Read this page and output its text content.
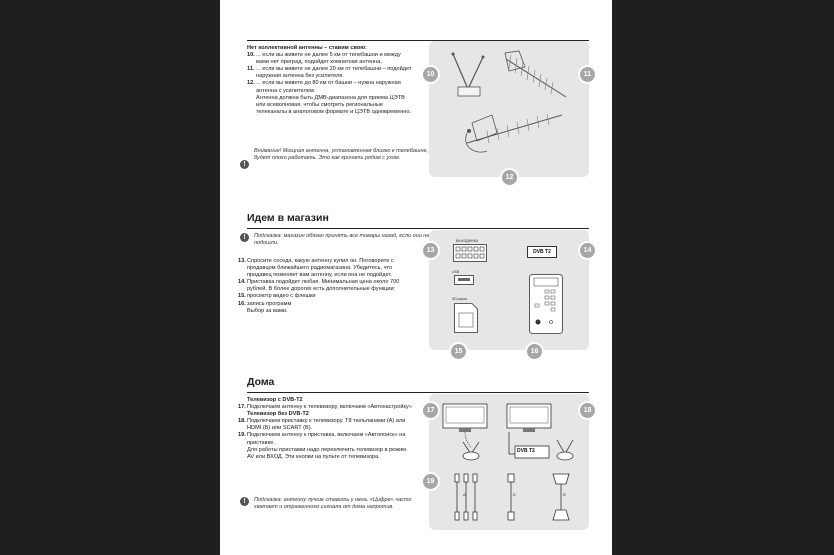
Нет коллективной антенны – ставим свою:
10. ... если вы живете не далее 5 км от телебашни и между вами нет преград, подойдет комнатная антенна.
11. ... если вы живете не далее 20 км от телебашни – подойдет наружная антенна без усилителя.
12. ... если вы живете до 80 км от башни – нужна наружная антенна с усилителем.
Антенна должна быть ДМВ-диапазона для приема ЦЭТВ или всеволновая, чтобы смотреть региональные телеканалы в аналоговом формате и ЦЭТВ одновременно.
!
Внимание! Мощная антенна, установленная близко к телебашне, будет плохо работать. Это как кричать рядом с ухом.
10	11
12
Идем в магазин
!	Подсказка: магазин обязан принять все товары назад, если они не подошли.
13. Спросите соседа, какую антенну купил он. Поговорите с продавцом ближайшего радиомагазина. Убедитесь, что продавец поменяет вам антенну, если она не подойдет.
14. Приставка подойдет любая. Минимальная цена около 700 рублей. В более дорогих есть дополнительные функции:
15. просмотр видео с флешки
16. запись программ
Выбор за вами.
ВЫХОДНИКА
DVB T2
USB
SD-карта
13	14
15	16
Дома
Телевизор с DVB-T2
17. Подключаем антенну к телевизору, включаем «Автонастройку»
Телевизор без DVB-T2
18. Подключаем приставку к телевизору. Т8 тюльпанами (A) или HDMI (Б) или SCART (В).
19. Подключаем антенну к приставка, включаем «Автопоиск» на приставке.
Для работы приставки надо переключить телевизор в режим AV или ВХОД. Эти кнопки на пульте от телевизора.
!	Подсказка: антенну лучше ставить у окна. «Цифре» часто хватает и отраженного сигнала от дома напротив.
DVB T2
А	Б	В
17	18
19
